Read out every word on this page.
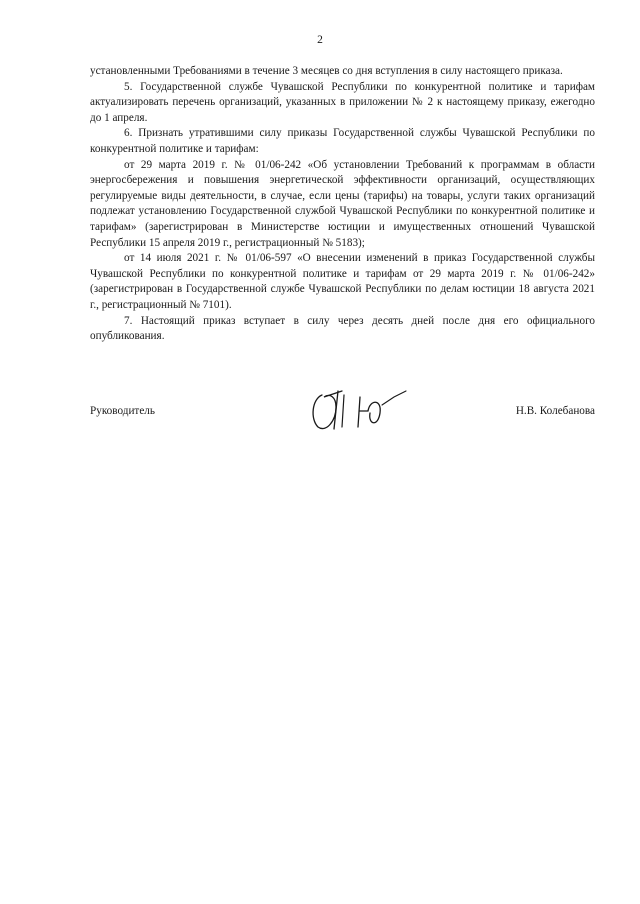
2

установленными Требованиями в течение 3 месяцев со дня вступления в силу настоящего приказа.

5. Государственной службе Чувашской Республики по конкурентной политике и тарифам актуализировать перечень организаций, указанных в приложении № 2 к настоящему приказу, ежегодно до 1 апреля.

6. Признать утратившими силу приказы Государственной службы Чувашской Республики по конкурентной политике и тарифам:

от 29 марта 2019 г. № 01/06-242 «Об установлении Требований к программам в области энергосбережения и повышения энергетической эффективности организаций, осуществляющих регулируемые виды деятельности, в случае, если цены (тарифы) на товары, услуги таких организаций подлежат установлению Государственной службой Чувашской Республики по конкурентной политике и тарифам» (зарегистрирован в Министерстве юстиции и имущественных отношений Чувашской Республики 15 апреля 2019 г., регистрационный № 5183);

от 14 июля 2021 г. № 01/06-597 «О внесении изменений в приказ Государственной службы Чувашской Республики по конкурентной политике и тарифам от 29 марта 2019 г. № 01/06-242» (зарегистрирован в Государственной службе Чувашской Республики по делам юстиции 18 августа 2021 г., регистрационный № 7101).

7. Настоящий приказ вступает в силу через десять дней после дня его официального опубликования.

Руководитель	Н.В. Колебанова
